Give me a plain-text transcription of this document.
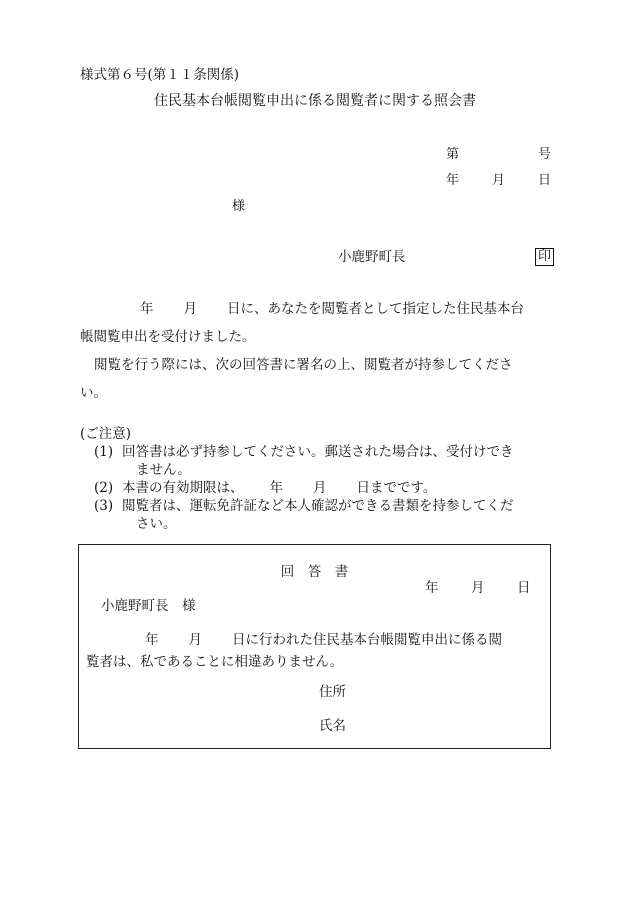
様式第６号(第１１条関係)
住民基本台帳閲覧申出に係る閲覧者に関する照会書
第	号
年	月	日
様
小鹿野町長	印

年 月 日に、あなたを閲覧者として指定した住民基本台

帳閲覧申出を受付けました。

閲覧を行う際には、次の回答書に署名の上、閲覧者が持参してくださ

い。

(ご注意)

(1) 回答書は必ず持参してください。郵送された場合は、受付けでき
ません。
(2) 本書の有効期限は、 年 月 日までです。
(3) 閲覧者は、運転免許証など本人確認ができる書類を持参してくだ
さい。
回　答　書
年 月 日
小鹿野町長　様
年 月 日に行われた住民基本台帳閲覧申出に係る閲
覧者は、私であることに相違ありません。
住所
氏名
